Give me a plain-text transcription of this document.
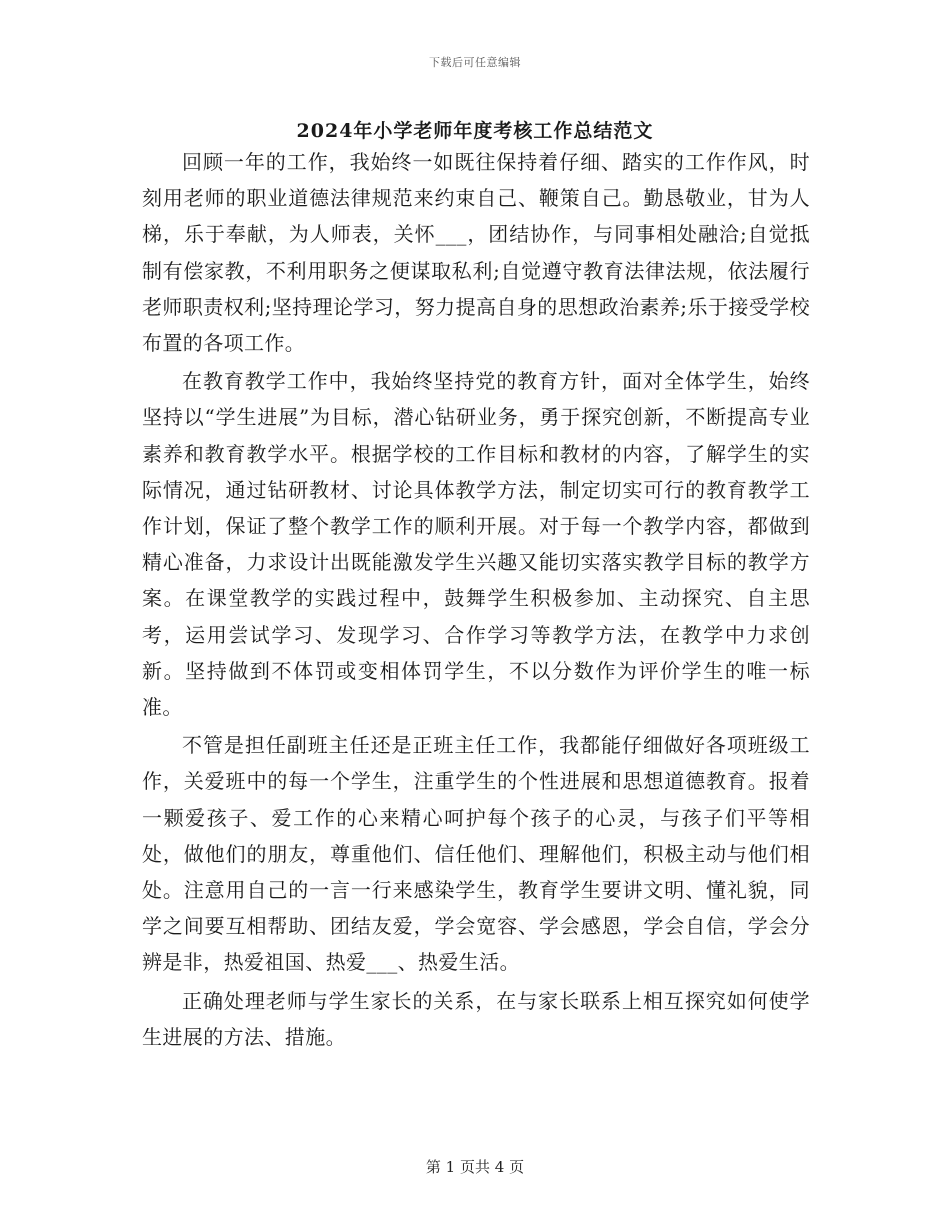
下载后可任意编辑
2024年小学老师年度考核工作总结范文

回顾一年的工作，我始终一如既往保持着仔细、踏实的工作作风，时刻用老师的职业道德法律规范来约束自己、鞭策自己。勤恳敬业，甘为人梯，乐于奉献，为人师表，关怀___，团结协作，与同事相处融洽;自觉抵制有偿家教，不利用职务之便谋取私利;自觉遵守教育法律法规，依法履行老师职责权利;坚持理论学习，努力提高自身的思想政治素养;乐于接受学校布置的各项工作。

在教育教学工作中，我始终坚持党的教育方针，面对全体学生，始终坚持以“学生进展”为目标，潜心钻研业务，勇于探究创新，不断提高专业素养和教育教学水平。根据学校的工作目标和教材的内容，了解学生的实际情况，通过钻研教材、讨论具体教学方法，制定切实可行的教育教学工作计划，保证了整个教学工作的顺利开展。对于每一个教学内容，都做到精心准备，力求设计出既能激发学生兴趣又能切实落实教学目标的教学方案。在课堂教学的实践过程中，鼓舞学生积极参加、主动探究、自主思考，运用尝试学习、发现学习、合作学习等教学方法，在教学中力求创新。坚持做到不体罚或变相体罚学生，不以分数作为评价学生的唯一标准。

不管是担任副班主任还是正班主任工作，我都能仔细做好各项班级工作，关爱班中的每一个学生，注重学生的个性进展和思想道德教育。报着一颗爱孩子、爱工作的心来精心呵护每个孩子的心灵，与孩子们平等相处，做他们的朋友，尊重他们、信任他们、理解他们，积极主动与他们相处。注意用自己的一言一行来感染学生，教育学生要讲文明、懂礼貌，同学之间要互相帮助、团结友爱，学会宽容、学会感恩，学会自信，学会分辨是非，热爱祖国、热爱___、热爱生活。

正确处理老师与学生家长的关系，在与家长联系上相互探究如何使学生进展的方法、措施。

第 1 页共 4 页
